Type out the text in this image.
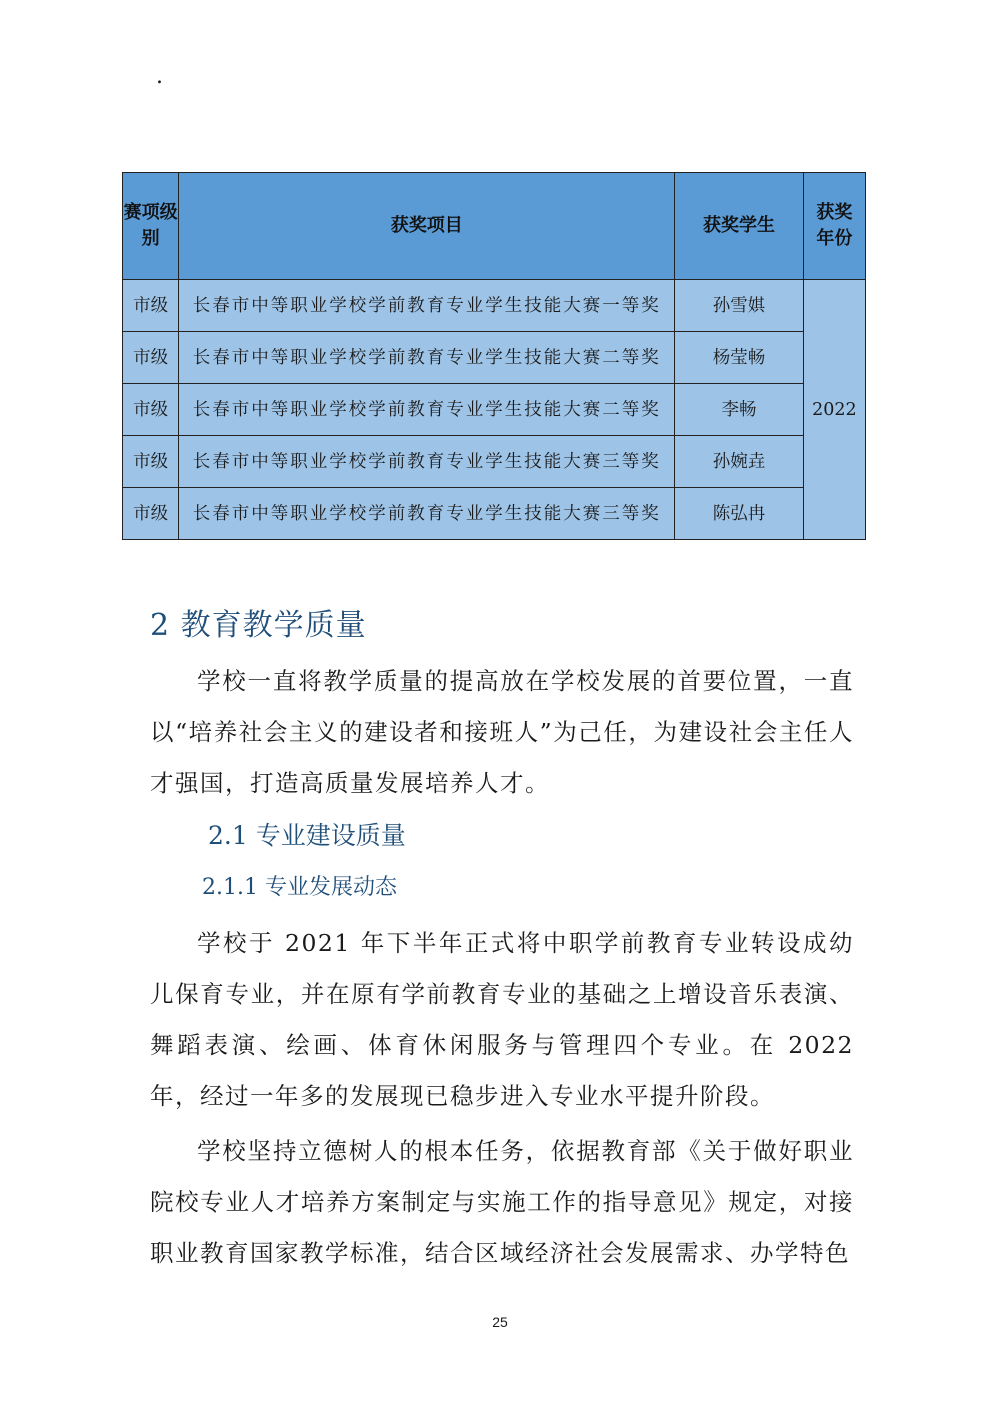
.
赛项级别	获奖项目	获奖学生	获奖年份
市级	长春市中等职业学校学前教育专业学生技能大赛一等奖	孙雪娸	2022
市级	长春市中等职业学校学前教育专业学生技能大赛二等奖	杨莹畅	
市级	长春市中等职业学校学前教育专业学生技能大赛二等奖	李畅	
市级	长春市中等职业学校学前教育专业学生技能大赛三等奖	孙婉垚	
市级	长春市中等职业学校学前教育专业学生技能大赛三等奖	陈弘冉	
2 教育教学质量

学校一直将教学质量的提高放在学校发展的首要位置，一直以“培养社会主义的建设者和接班人”为己任，为建设社会主任人才强国，打造高质量发展培养人才。

2.1 专业建设质量
2.1.1 专业发展动态

学校于 2021 年下半年正式将中职学前教育专业转设成幼儿保育专业，并在原有学前教育专业的基础之上增设音乐表演、舞蹈表演、绘画、体育休闲服务与管理四个专业。在 2022 年，经过一年多的发展现已稳步进入专业水平提升阶段。

学校坚持立德树人的根本任务，依据教育部《关于做好职业院校专业人才培养方案制定与实施工作的指导意见》规定，对接职业教育国家教学标准，结合区域经济社会发展需求、办学特色

25
